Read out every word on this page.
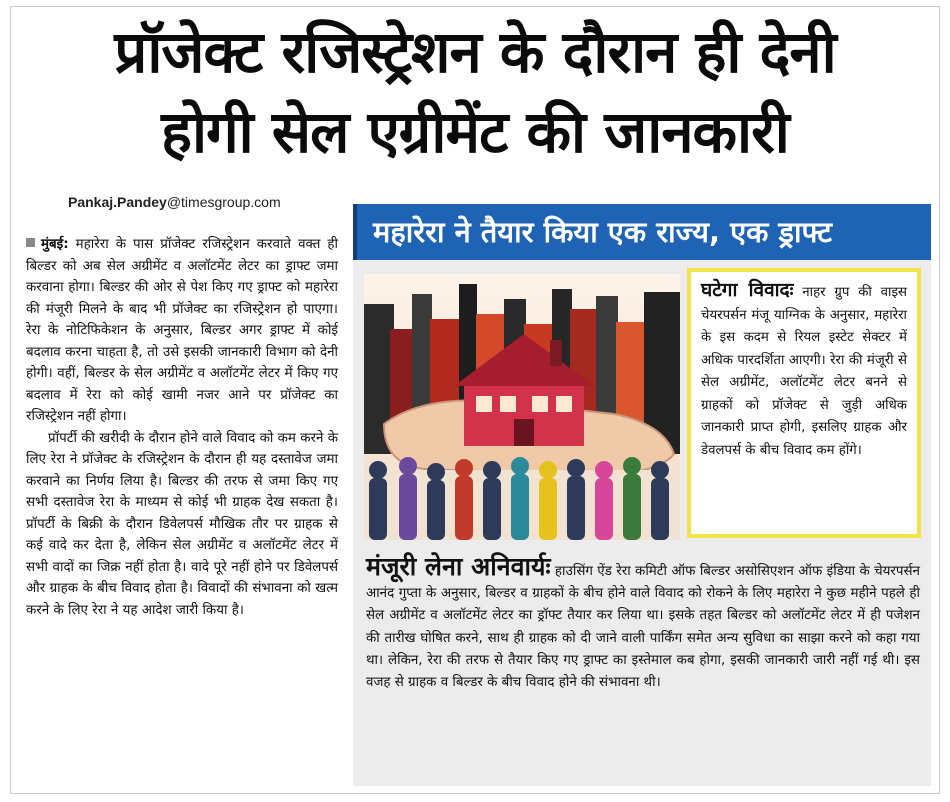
प्रॉजेक्ट रजिस्ट्रेशन के दौरान ही देनी
होगी सेल एग्रीमेंट की जानकारी
Pankaj.Pandey@timesgroup.com

मुंबई: महारेरा के पास प्रॉजेक्ट रजिस्ट्रेशन करवाते वक्त ही बिल्डर को अब सेल अग्रीमेंट व अलॉटमेंट लेटर का ड्राफ्ट जमा करवाना होगा। बिल्डर की ओर से पेश किए गए ड्राफ्ट को महारेरा की मंजूरी मिलने के बाद भी प्रॉजेक्ट का रजिस्ट्रेशन हो पाएगा। रेरा के नोटिफिकेशन के अनुसार, बिल्डर अगर ड्राफ्ट में कोई बदलाव करना चाहता है, तो उसे इसकी जानकारी विभाग को देनी होगी। वहीं, बिल्डर के सेल अग्रीमेंट व अलॉटमेंट लेटर में किए गए बदलाव में रेरा को कोई खामी नजर आने पर प्रॉजेक्ट का रजिस्ट्रेशन नहीं होगा।

प्रॉपर्टी की खरीदी के दौरान होने वाले विवाद को कम करने के लिए रेरा ने प्रॉजेक्ट के रजिस्ट्रेशन के दौरान ही यह दस्तावेज जमा करवाने का निर्णय लिया है। बिल्डर की तरफ से जमा किए गए सभी दस्तावेज रेरा के माध्यम से कोई भी ग्राहक देख सकता है। प्रॉपर्टी के बिक्री के दौरान डिवेलपर्स मौखिक तौर पर ग्राहक से कई वादे कर देता है, लेकिन सेल अग्रीमेंट व अलॉटमेंट लेटर में सभी वादों का जिक्र नहीं होता है। वादे पूरे नहीं होने पर डिवेलपर्स और ग्राहक के बीच विवाद होता है। विवादों की संभावना को खत्म करने के लिए रेरा ने यह आदेश जारी किया है।

महारेरा ने तैयार किया एक राज्य, एक ड्राफ्ट
घटेगा विवादः नाहर ग्रुप की वाइस चेयरपर्सन मंजू याग्निक के अनुसार, महारेरा के इस कदम से रियल इस्टेट सेक्टर में अधिक पारदर्शिता आएगी। रेरा की मंजूरी से सेल अग्रीमेंट, अलॉटमेंट लेटर बनने से ग्राहकों को प्रॉजेक्ट से जुड़ी अधिक जानकारी प्राप्त होगी, इसलिए ग्राहक और डेवलपर्स के बीच विवाद कम होंगे।
मंजूरी लेना अनिवार्यः हाउसिंग ऐंड रेरा कमिटी ऑफ बिल्डर असोसिएशन ऑफ इंडिया के चेयरपर्सन आनंद गुप्ता के अनुसार, बिल्डर व ग्राहकों के बीच होने वाले विवाद को रोकने के लिए महारेरा ने कुछ महीने पहले ही सेल अग्रीमेंट व अलॉटमेंट लेटर का ड्रॉफ्ट तैयार कर लिया था। इसके तहत बिल्डर को अलॉटमेंट लेटर में ही पजेशन की तारीख घोषित करने, साथ ही ग्राहक को दी जाने वाली पार्किंग समेत अन्य सुविधा का साझा करने को कहा गया था। लेकिन, रेरा की तरफ से तैयार किए गए ड्राफ्ट का इस्तेमाल कब होगा, इसकी जानकारी जारी नहीं गई थी। इस वजह से ग्राहक व बिल्डर के बीच विवाद होने की संभावना थी।
